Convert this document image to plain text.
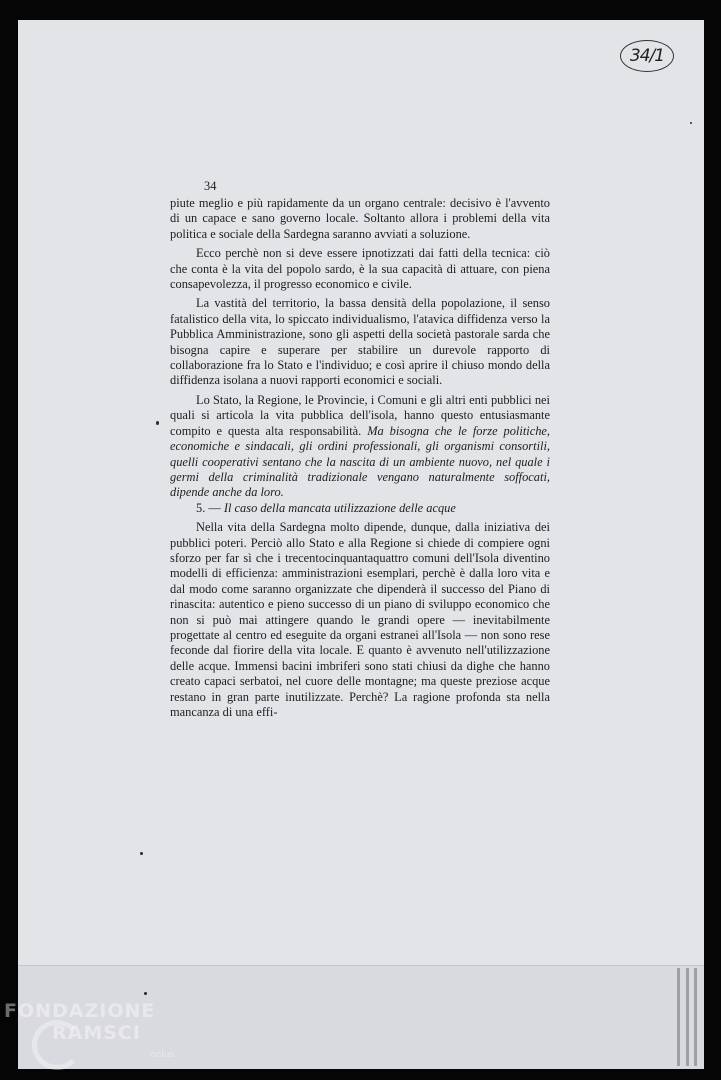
34/1
34

piute meglio e più rapidamente da un organo centrale: decisivo è l'avvento di un capace e sano governo locale. Soltanto allora i problemi della vita politica e sociale della Sardegna saranno avviati a soluzione.

Ecco perchè non si deve essere ipnotizzati dai fatti della tecnica: ciò che conta è la vita del popolo sardo, è la sua capacità di attuare, con piena consapevolezza, il progresso economico e civile.

La vastità del territorio, la bassa densità della popolazione, il senso fatalistico della vita, lo spiccato individualismo, l'atavica diffidenza verso la Pubblica Amministrazione, sono gli aspetti della società pastorale sarda che bisogna capire e superare per stabilire un durevole rapporto di collaborazione fra lo Stato e l'individuo; e così aprire il chiuso mondo della diffidenza isolana a nuovi rapporti economici e sociali.

Lo Stato, la Regione, le Provincie, i Comuni e gli altri enti pubblici nei quali si articola la vita pubblica dell'isola, hanno questo entusiasmante compito e questa alta responsabilità. Ma bisogna che le forze politiche, economiche e sindacali, gli ordini professionali, gli organismi consortili, quelli cooperativi sentano che la nascita di un ambiente nuovo, nel quale i germi della criminalità tradizionale vengano naturalmente soffocati, dipende anche da loro.

5. — Il caso della mancata utilizzazione delle acque

Nella vita della Sardegna molto dipende, dunque, dalla iniziativa dei pubblici poteri. Perciò allo Stato e alla Regione si chiede di compiere ogni sforzo per far sì che i trecentocinquantaquattro comuni dell'Isola diventino modelli di efficienza: amministrazioni esemplari, perchè è dalla loro vita e dal modo come saranno organizzate che dipenderà il successo del Piano di rinascita: autentico e pieno successo di un piano di sviluppo economico che non si può mai attingere quando le grandi opere — inevitabilmente progettate al centro ed eseguite da organi estranei all'Isola — non sono rese feconde dal fiorire della vita locale. E quanto è avvenuto nell'utilizzazione delle acque. Immensi bacini imbriferi sono stati chiusi da dighe che hanno creato capaci serbatoi, nel cuore delle montagne; ma queste preziose acque restano in gran parte inutilizzate. Perchè? La ragione profonda sta nella mancanza di una effi-

FONDAZIONE
RAMSCI
onlus
